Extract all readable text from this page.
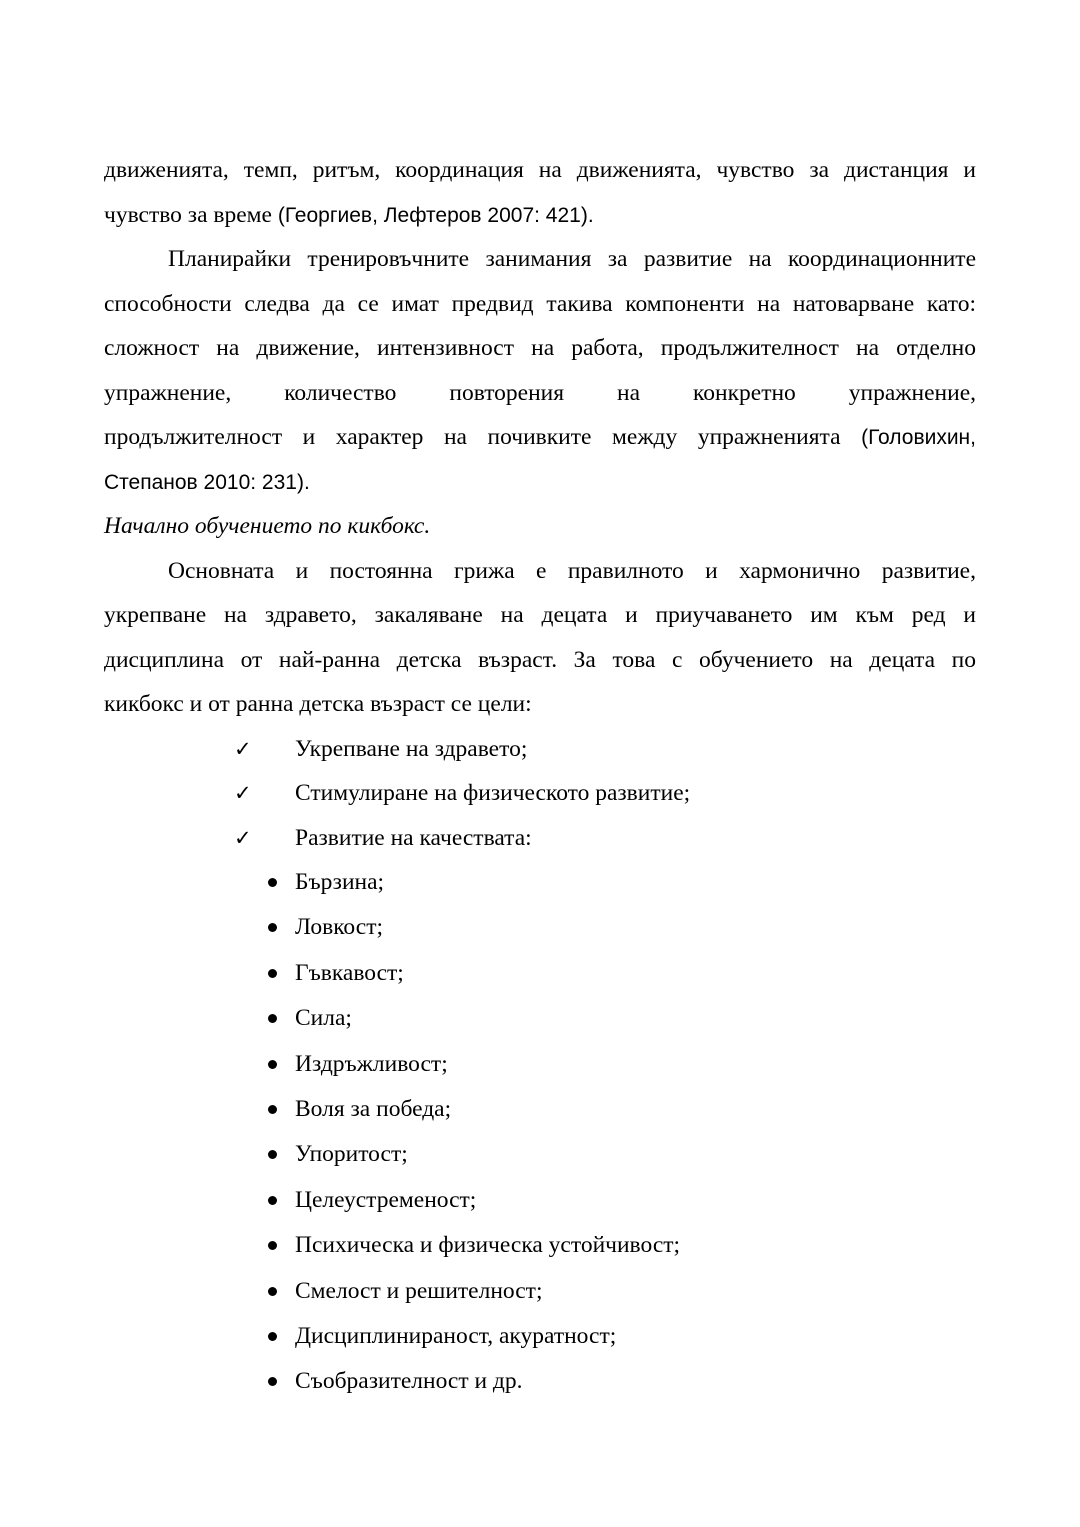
движенията, темп, ритъм, координация на движенията, чувство за дистанция и
чувство за време (Георгиев, Лефтеров 2007: 421).
Планирайки тренировъчните занимания за развитие на координационните
способности следва да се имат предвид такива компоненти на натоварване като:
сложност на движение, интензивност на работа, продължителност на отделно
упражнение, количество повторения на конкретно упражнение,
продължителност и характер на почивките между упражненията (Головихин,
Степанов 2010: 231).
Начално обучението по кикбокс.
Основната и постоянна грижа е правилното и хармонично развитие,
укрепване на здравето, закаляване на децата и приучаването им към ред и
дисциплина от най-ранна детска възраст. За това с обучението на децата по
кикбокс и от ранна детска възраст се цели:
✓ Укрепване на здравето;
✓ Стимулиране на физическото развитие;
✓ Развитие на качествата:
Бързина;
Ловкост;
Гъвкавост;
Сила;
Издръжливост;
Воля за победа;
Упоритост;
Целеустременост;
Психическа и физическа устойчивост;
Смелост и решителност;
Дисциплинираност, акуратност;
Съобразителност и др.
